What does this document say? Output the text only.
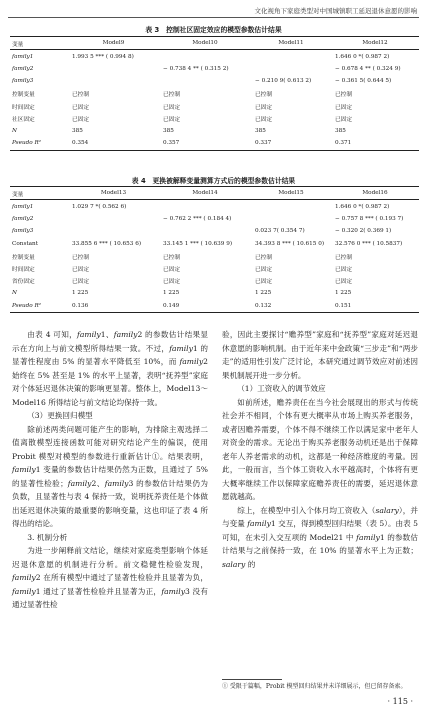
文化视角下家庭类型对中国城镇职工延迟退休意愿的影响
表 3　控制社区固定效应的模型参数估计结果
变量	Model9	Model10	Model11	Model12
family1	1.993 5 *** ( 0.994 8)			1.646 0 *( 0.987 2)
family2		− 0.738 4 ** ( 0.315 2)		− 0.678 4 ** ( 0.324 9)
family3			− 0.210 9( 0.613 2)	− 0.361 5( 0.644 5)
控制变量	已控制	已控制	已控制	已控制
时间固定	已固定	已固定	已固定	已固定
社区固定	已固定	已固定	已固定	已固定
N	385	385	385	385
Pseudo R²	0.354	0.357	0.337	0.371
表 4　更换被解释变量测算方式后的模型参数估计结果
变量	Model13	Model14	Model15	Model16
family1	1.029 7 *( 0.562 6)			1.646 0 *( 0.987 2)
family2		− 0.762 2 *** ( 0.184 4)		− 0.757 8 *** ( 0.193 7)
family3			0.023 7( 0.354 7)	− 0.320 2( 0.369 1)
Constant	33.855 6 *** ( 10.653 6)	33.145 1 *** ( 10.639 9)	34.393 8 *** ( 10.615 0)	32.576 0 *** ( 10.5837)
控制变量	已控制	已控制	已控制	已控制
时间固定	已固定	已固定	已固定	已固定
省份固定	已固定	已固定	已固定	已固定
N	1 225	1 225	1 225	1 225
Pseudo R²	0.136	0.149	0.132	0.151

由表 4 可知，family1、family2 的参数估计结果显示在方向上与前文模型所得结果一致。不过，family1 的显著性程度由 5% 的显著水平降低至 10%，而 family2 始终在 5% 甚至是 1% 的水平上显著，表明“抚养型”家庭对个体延迟退休决策的影响更显著。整体上，Model13～Model16 所得结论与前文结论均保持一致。

（3）更换回归模型

除前述两类问题可能产生的影响，为排除主观选择二值离散模型连接函数可能对研究结论产生的偏误，使用 Probit 模型对模型的参数进行重新估计①。结果表明，family1 变量的参数估计结果仍然为正数，且通过了 5% 的显著性检验；family2、family3 的参数估计结果仍为负数，且显著性与表 4 保持一致，说明抚养责任是个体做出延迟退休决策的最重要的影响变量，这也印证了表 4 所得出的结论。

3. 机制分析

为进一步阐释前文结论，继续对家庭类型影响个体延迟退休意愿的机制进行分析。前文稳健性检验发现，family2 在所有模型中通过了显著性检验并且显著为负，family1 通过了显著性检验并且显著为正，family3 没有通过显著性检

验，因此主要探讨“赡养型”家庭和“抚养型”家庭对延迟退休意愿的影响机制。由于近年来中金政策“三步走”和“两步走”的适用性引发广泛讨论，本研究通过调节效应对前述因果机制展开进一步分析。

（1）工资收入的调节效应

如前所述，赡养责任在当今社会展现出的形式与传统社会并不相同，个体有更大概率从市场上购买养老服务，或者因赡养需要，个体不得不继续工作以满足家中老年人对资金的需求。无论出于购买养老服务动机还是出于保障老年人养老需求的动机，这都是一种经济维度的考量。因此，一般而言，当个体工资收入水平越高时，个体将有更大概率继续工作以保障家庭赡养责任的需要，延迟退休意愿就越高。

综上，在模型中引入个体月均工资收入（salary），并与变量 family1 交互，得到模型回归结果（表 5）。由表 5 可知，在未引入交互项的 Model21 中 family1 的参数估计结果与之前保持一致，在 10% 的显著水平上为正数；salary 的

① 受限于篇幅，Probit 模型回归结果并未详细展示，但已留存备索。
· 115 ·
